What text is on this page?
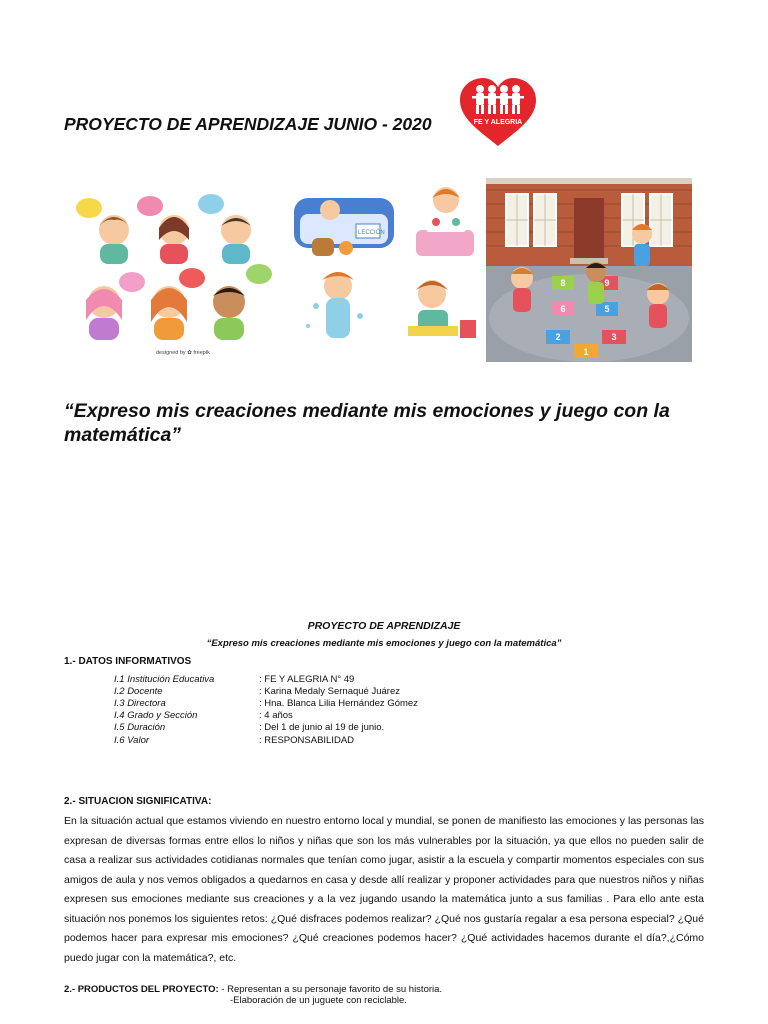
PROYECTO DE APRENDIZAJE JUNIO - 2020	FE Y ALEGRIA
designed by ✿ freepik
LECCIÓN
8	9
6	5
2	3
1
“Expreso mis creaciones mediante mis emociones y juego con la matemática”
PROYECTO DE APRENDIZAJE
“Expreso mis creaciones mediante mis emociones y juego con la matemática”
1.- DATOS INFORMATIVOS
I.1 Institución Educativa	: FE Y ALEGRIA N° 49
I.2 Docente	: Karina Medaly Sernaqué Juárez
I.3 Directora	: Hna. Blanca Lilia Hernández Gómez
I.4 Grado y Sección	: 4 años
I.5 Duración	: Del 1 de junio al 19 de junio.
I.6 Valor	: RESPONSABILIDAD
2.- SITUACION SIGNIFICATIVA:
En la situación actual que estamos viviendo en nuestro entorno local y mundial, se ponen de manifiesto las emociones y las personas las expresan de diversas formas entre ellos lo niños y niñas que son los más vulnerables por la situación, ya que ellos no pueden salir de casa a realizar sus actividades cotidianas normales que tenían como jugar, asistir a la escuela y compartir momentos especiales con sus amigos de aula y nos vemos obligados a quedarnos en casa y desde allí realizar y proponer actividades para que nuestros niños y niñas expresen sus emociones mediante sus creaciones y a la vez jugando usando la matemática junto a sus familias . Para ello ante esta situación nos ponemos los siguientes retos: ¿Qué disfraces podemos realizar? ¿Qué nos gustaría regalar a esa persona especial? ¿Qué podemos hacer para expresar mis emociones? ¿Qué creaciones podemos hacer? ¿Qué actividades hacemos durante el día?,¿Cómo puedo jugar con la matemática?, etc.
2.- PRODUCTOS DEL PROYECTO: - Representan a su personaje favorito de su historia.
-Elaboración de un juguete con reciclable.
